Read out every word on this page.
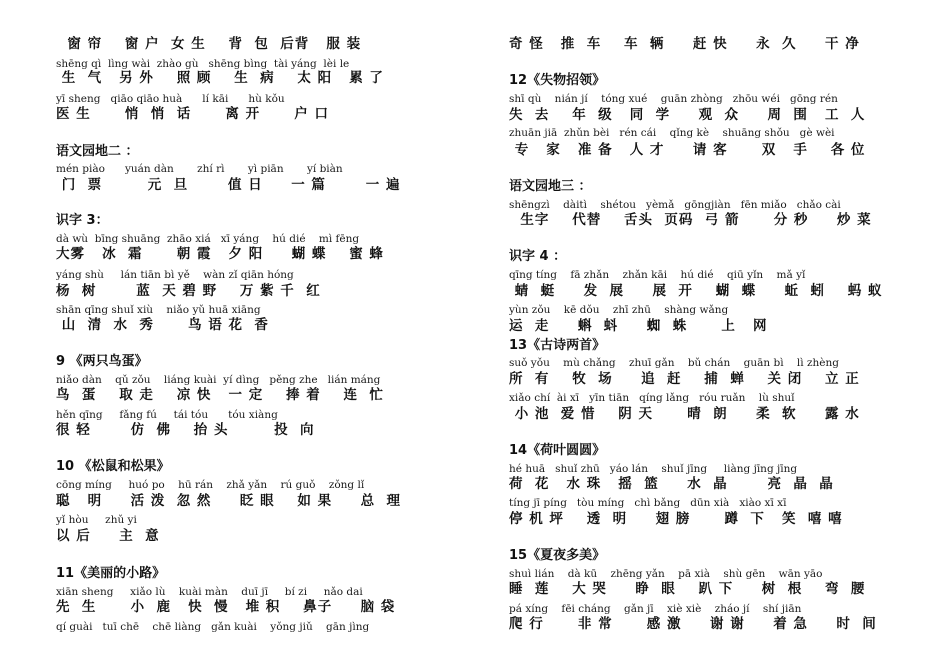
窗 帘    窗 户  女 生    背  包  后背   服 装
shēng qì  lìng wài  zhào gù   shēng bìng  tài yáng  lèi le
生  气   另 外    照 顾    生  病    太 阳   累 了
yī sheng   qiāo qiāo huà      lí kāi      hù kǒu
医 生      悄  悄  话      离 开      户 口
语文园地二 ：
mén piào      yuán dàn       zhí rì       yì piān       yí biàn
门  票        元  旦       值 日     一 篇       一 遍
识字 3：
dà wù  bīng shuāng  zhāo xiá   xī yáng    hú dié    mì fēng
大雾   冰  霜      朝 霞   夕 阳     蝴 蝶    蜜 蜂
yáng shù     lán tiān bì yě    wàn zǐ qiān hóng
杨  树       蓝  天 碧 野    万 紫 千  红
shān qīng shuǐ xiù    niǎo yǔ huā xiāng
山  清  水  秀      鸟 语 花  香
9 《两只鸟蛋》
niǎo dàn    qǔ zǒu    liáng kuài  yí dìng   pěng zhe   lián máng
鸟  蛋    取 走    凉 快   一 定    捧 着    连  忙
hěn qīng     fǎng fú     tái tóu      tóu xiàng
很 轻       仿  佛    抬 头        投  向
10 《松鼠和松果》
cōng míng     huó po    hū rán    zhǎ yǎn    rú guǒ    zǒng lǐ
聪   明     活 泼  忽 然     眨 眼    如 果     总  理
yǐ hòu     zhǔ yi
以 后     主  意
11《美丽的小路》
xiān sheng     xiǎo lù    kuài màn    duī jī     bí zi     nǎo dai
先  生      小  鹿   快  慢   堆 积    鼻子     脑 袋
qí guài   tuī chē    chē liàng   gǎn kuài    yǒng jiǔ    gān jìng
奇 怪   推  车    车  辆     赶 快     永  久     干 净
12《失物招领》
shī qù    nián jí    tóng xué    guān zhòng   zhōu wéi   gōng rén
失  去    年  级   同  学     观  众     周  围   工  人
zhuān jiā  zhǔn bèi   rén cái    qǐng kè    shuāng shǒu   gè wèi
专   家   准 备   人 才     请 客      双   手    各 位
语文园地三 ：
shēngzì    dàitì    shétou   yèmǎ   gōngjiàn   fēn miǎo   chǎo cài
生字    代替    舌头  页码  弓 箭      分 秒     炒 菜
识字 4 ：
qīng tíng    fā zhǎn    zhǎn kāi    hú dié    qiū yǐn    mǎ yǐ
蜻  蜓     发  展     展  开    蝴  蝶     蚯  蚓    蚂 蚁
yùn zǒu    kē dǒu    zhī zhū    shàng wǎng
运  走     蝌  蚪     蜘  蛛      上   网
13《古诗两首》
suǒ yǒu    mù chǎng    zhuī gǎn    bǔ chán    guān bì    lì zhèng
所  有    牧  场     追  赶    捕  蝉    关 闭    立 正
xiǎo chí  ài xī   yīn tiān   qíng lǎng   róu ruǎn    lù shuǐ
小 池  爱 惜    阴 天      晴  朗     柔  软     露 水
14《荷叶圆圆》
hé huā   shuǐ zhū   yáo lán    shuǐ jīng     liàng jīng jīng
荷  花   水 珠   摇  篮     水  晶       亮  晶  晶
tíng jī píng   tòu míng   chì bǎng   dūn xià   xiào xī xī
停 机 坪    透  明     翅 膀      蹲  下   笑  嘻 嘻
15《夏夜多美》
shuì lián    dà kū    zhēng yǎn    pā xià    shù gēn    wān yāo
睡  莲    大 哭     睁  眼    趴 下     树  根    弯  腰
pá xíng    fēi cháng    gǎn jī    xiè xiè    zháo jí    shí jiān
爬 行      非 常      感 激     谢 谢     着 急     时  间
